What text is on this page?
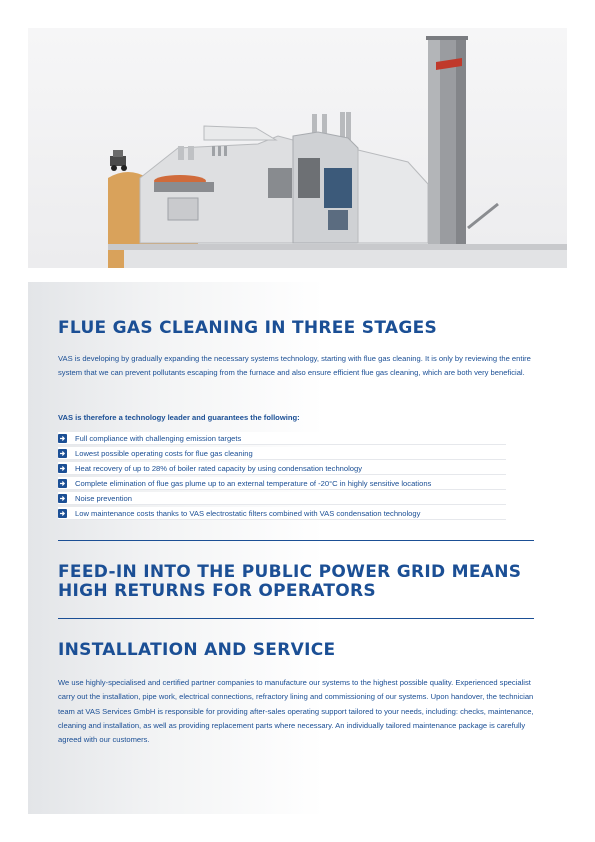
FLUE GAS CLEANING IN THREE STAGES

VAS is developing by gradually expanding the necessary systems technology, starting with flue gas cleaning. It is only by reviewing the entire system that we can prevent pollutants escaping from the furnace and also ensure efficient flue gas cleaning, which are both very beneficial.

VAS is therefore a technology leader and guarantees the following:

Full compliance with challenging emission targets
Lowest possible operating costs for flue gas cleaning
Heat recovery of up to 28% of boiler rated capacity by using condensation technology
Complete elimination of flue gas plume up to an external temperature of -20°C in highly sensitive locations
Noise prevention
Low maintenance costs thanks to VAS electrostatic filters combined with VAS condensation technology
FEED-IN INTO THE PUBLIC POWER GRID MEANS
HIGH RETURNS FOR OPERATORS
INSTALLATION AND SERVICE

We use highly-specialised and certified partner companies to manufacture our systems to the highest possible quality. Experienced specialist carry out the installation, pipe work, electrical connections, refractory lining and commissioning of our systems. Upon handover, the technician team at VAS Services GmbH is responsible for providing after-sales operating support tailored to your needs, including: checks, maintenance, cleaning and installation, as well as providing replacement parts where necessary. An individually tailored maintenance package is carefully agreed with our customers.
